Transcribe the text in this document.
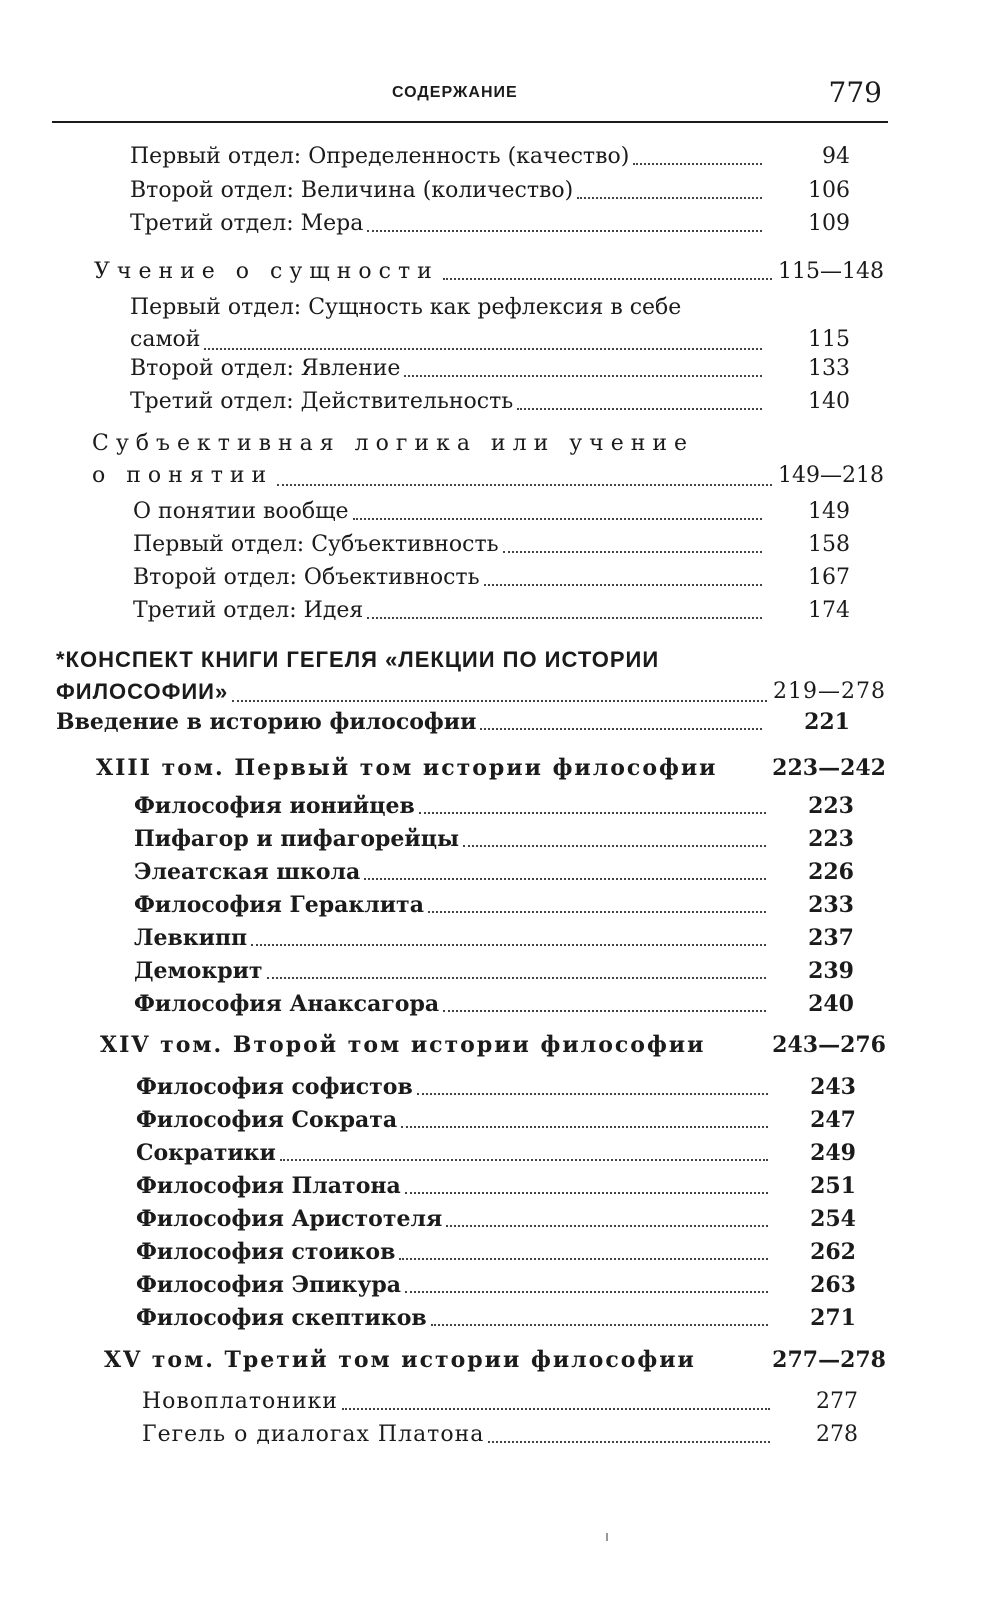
СОДЕРЖАНИЕ	779
Первый отдел: Определенность (качество)	94
Второй отдел: Величина (количество)	106
Третий отдел: Мера	109
Учение о сущности	115—148
Первый отдел: Сущность как рефлексия в себе
самой	115
Второй отдел: Явление	133
Третий отдел: Действительность	140
Субъективная логика или учение
о понятии	149—218
О понятии вообще	149
Первый отдел: Субъективность	158
Второй отдел: Объективность	167
Третий отдел: Идея	174
*КОНСПЕКТ КНИГИ ГЕГЕЛЯ «ЛЕКЦИИ ПО ИСТОРИИ
ФИЛОСОФИИ»	219—278
Введение в историю философии	221
XIII том. Первый том истории философии 223—242
Философия ионийцев	223
Пифагор и пифагорейцы	223
Элеатская школа	226
Философия Гераклита	233
Левкипп	237
Демокрит	239
Философия Анаксагора	240
XIV том. Второй том истории философии	243—276
Философия софистов	243
Философия Сократа	247
Сократики	249
Философия Платона	251
Философия Аристотеля	254
Философия стоиков	262
Философия Эпикура	263
Философия скептиков	271
XV том. Третий том истории философии	277—278
Новоплатоники	277
Гегель о диалогах Платона	278
